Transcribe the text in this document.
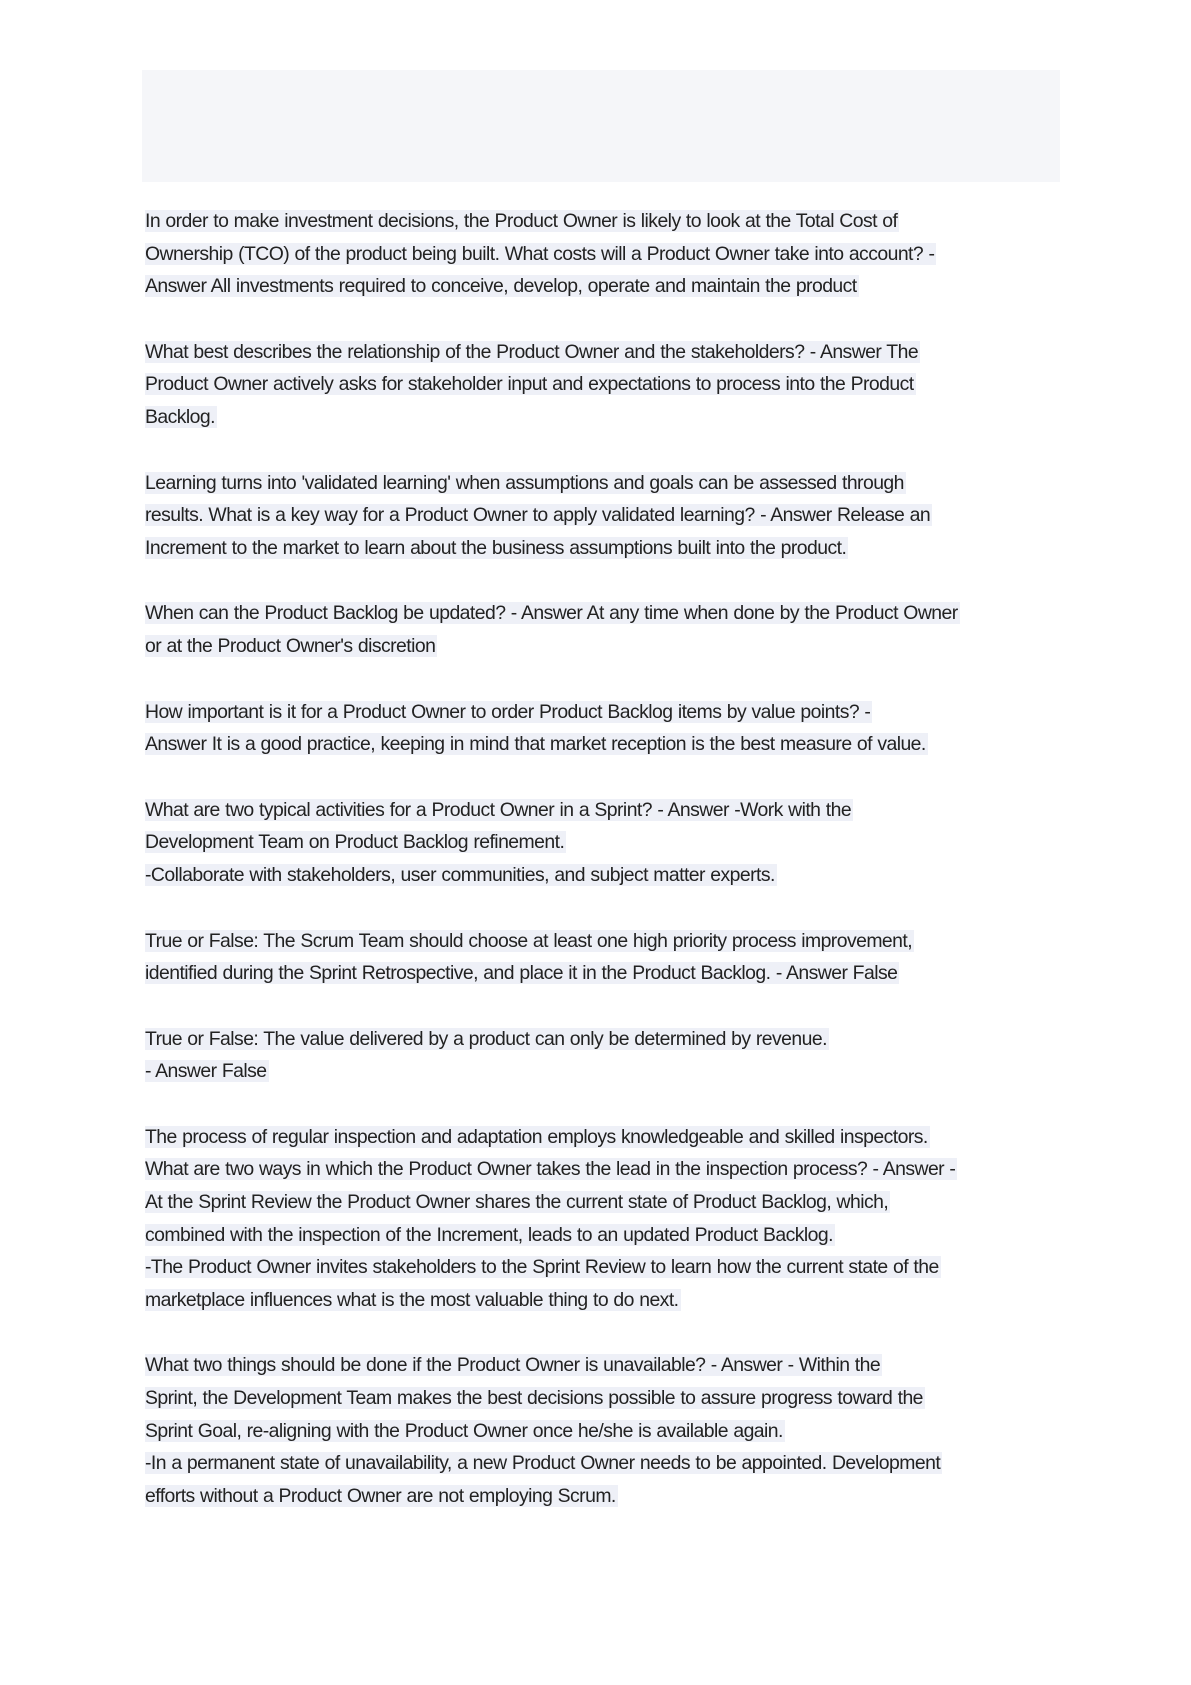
In order to make investment decisions, the Product Owner is likely to look at the Total Cost of
Ownership (TCO) of the product being built. What costs will a Product Owner take into account? -
Answer All investments required to conceive, develop, operate and maintain the product
What best describes the relationship of the Product Owner and the stakeholders? - Answer The
Product Owner actively asks for stakeholder input and expectations to process into the Product
Backlog.
Learning turns into 'validated learning' when assumptions and goals can be assessed through
results. What is a key way for a Product Owner to apply validated learning? - Answer Release an
Increment to the market to learn about the business assumptions built into the product.
When can the Product Backlog be updated? - Answer At any time when done by the Product Owner
or at the Product Owner's discretion
How important is it for a Product Owner to order Product Backlog items by value points? -
Answer It is a good practice, keeping in mind that market reception is the best measure of value.
What are two typical activities for a Product Owner in a Sprint? - Answer -Work with the
Development Team on Product Backlog refinement.
-Collaborate with stakeholders, user communities, and subject matter experts.
True or False: The Scrum Team should choose at least one high priority process improvement,
identified during the Sprint Retrospective, and place it in the Product Backlog. - Answer False
True or False: The value delivered by a product can only be determined by revenue.
- Answer False
The process of regular inspection and adaptation employs knowledgeable and skilled inspectors.
What are two ways in which the Product Owner takes the lead in the inspection process? - Answer -
At the Sprint Review the Product Owner shares the current state of Product Backlog, which,
combined with the inspection of the Increment, leads to an updated Product Backlog.
-The Product Owner invites stakeholders to the Sprint Review to learn how the current state of the
marketplace influences what is the most valuable thing to do next.
What two things should be done if the Product Owner is unavailable? - Answer - Within the
Sprint, the Development Team makes the best decisions possible to assure progress toward the
Sprint Goal, re-aligning with the Product Owner once he/she is available again.
-In a permanent state of unavailability, a new Product Owner needs to be appointed. Development
efforts without a Product Owner are not employing Scrum.
